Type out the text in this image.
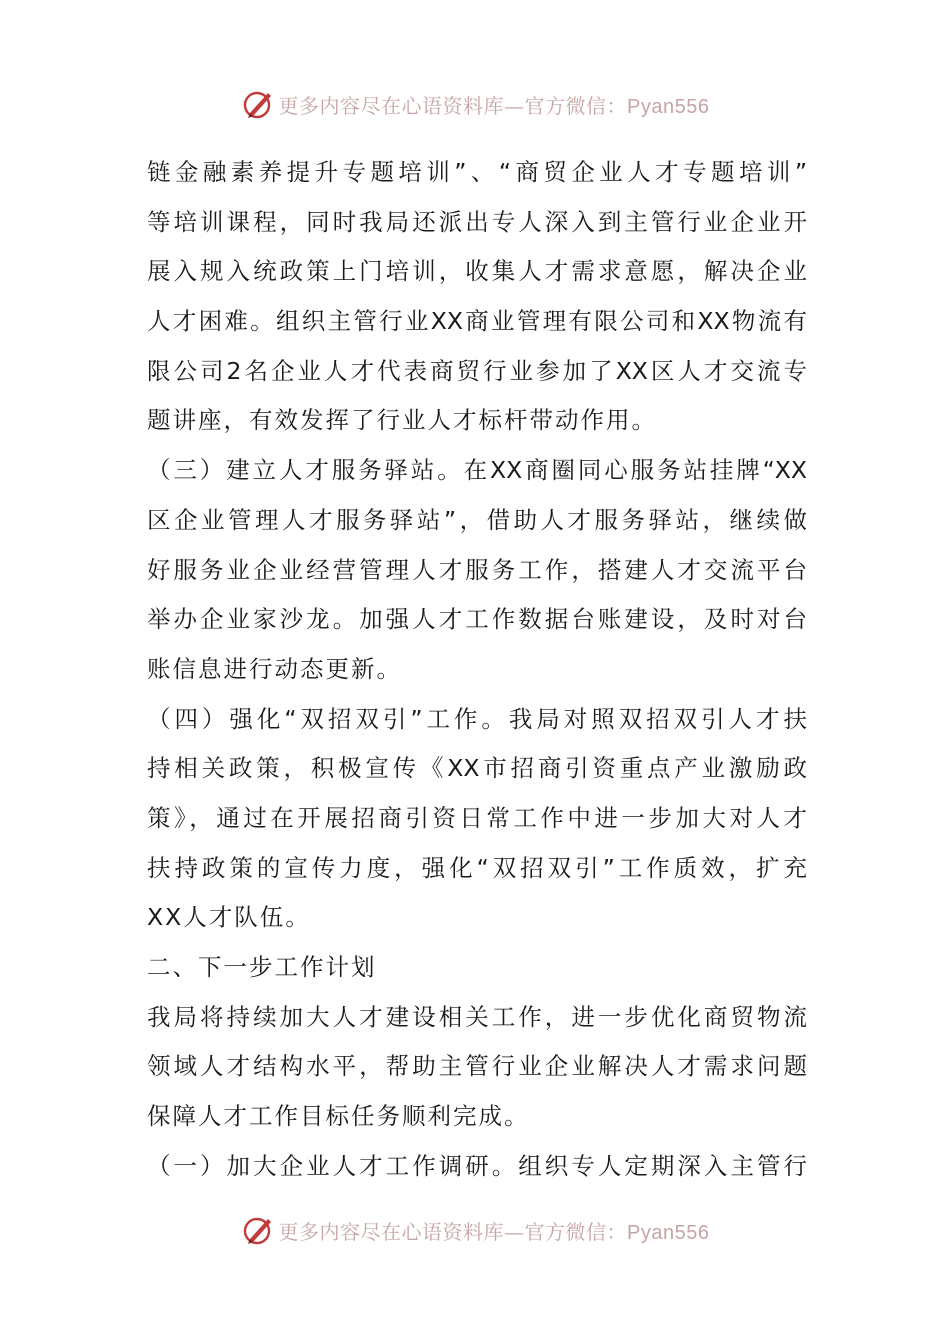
更多内容尽在心语资料库—官方微信：Pyan556
链金融素养提升专题培训”、“商贸企业人才专题培训”
等培训课程，同时我局还派出专人深入到主管行业企业开
展入规入统政策上门培训，收集人才需求意愿，解决企业
人才困难。组织主管行业XX商业管理有限公司和XX物流有
限公司2名企业人才代表商贸行业参加了XX区人才交流专
题讲座，有效发挥了行业人才标杆带动作用。
（三）建立人才服务驿站。在XX商圈同心服务站挂牌“XX
区企业管理人才服务驿站”，借助人才服务驿站，继续做
好服务业企业经营管理人才服务工作，搭建人才交流平台
举办企业家沙龙。加强人才工作数据台账建设，及时对台
账信息进行动态更新。
（四）强化“双招双引”工作。我局对照双招双引人才扶
持相关政策，积极宣传《XX市招商引资重点产业激励政
策》，通过在开展招商引资日常工作中进一步加大对人才
扶持政策的宣传力度，强化“双招双引”工作质效，扩充
XX人才队伍。
二、下一步工作计划
我局将持续加大人才建设相关工作，进一步优化商贸物流
领域人才结构水平，帮助主管行业企业解决人才需求问题
保障人才工作目标任务顺利完成。
（一）加大企业人才工作调研。组织专人定期深入主管行
更多内容尽在心语资料库—官方微信：Pyan556
